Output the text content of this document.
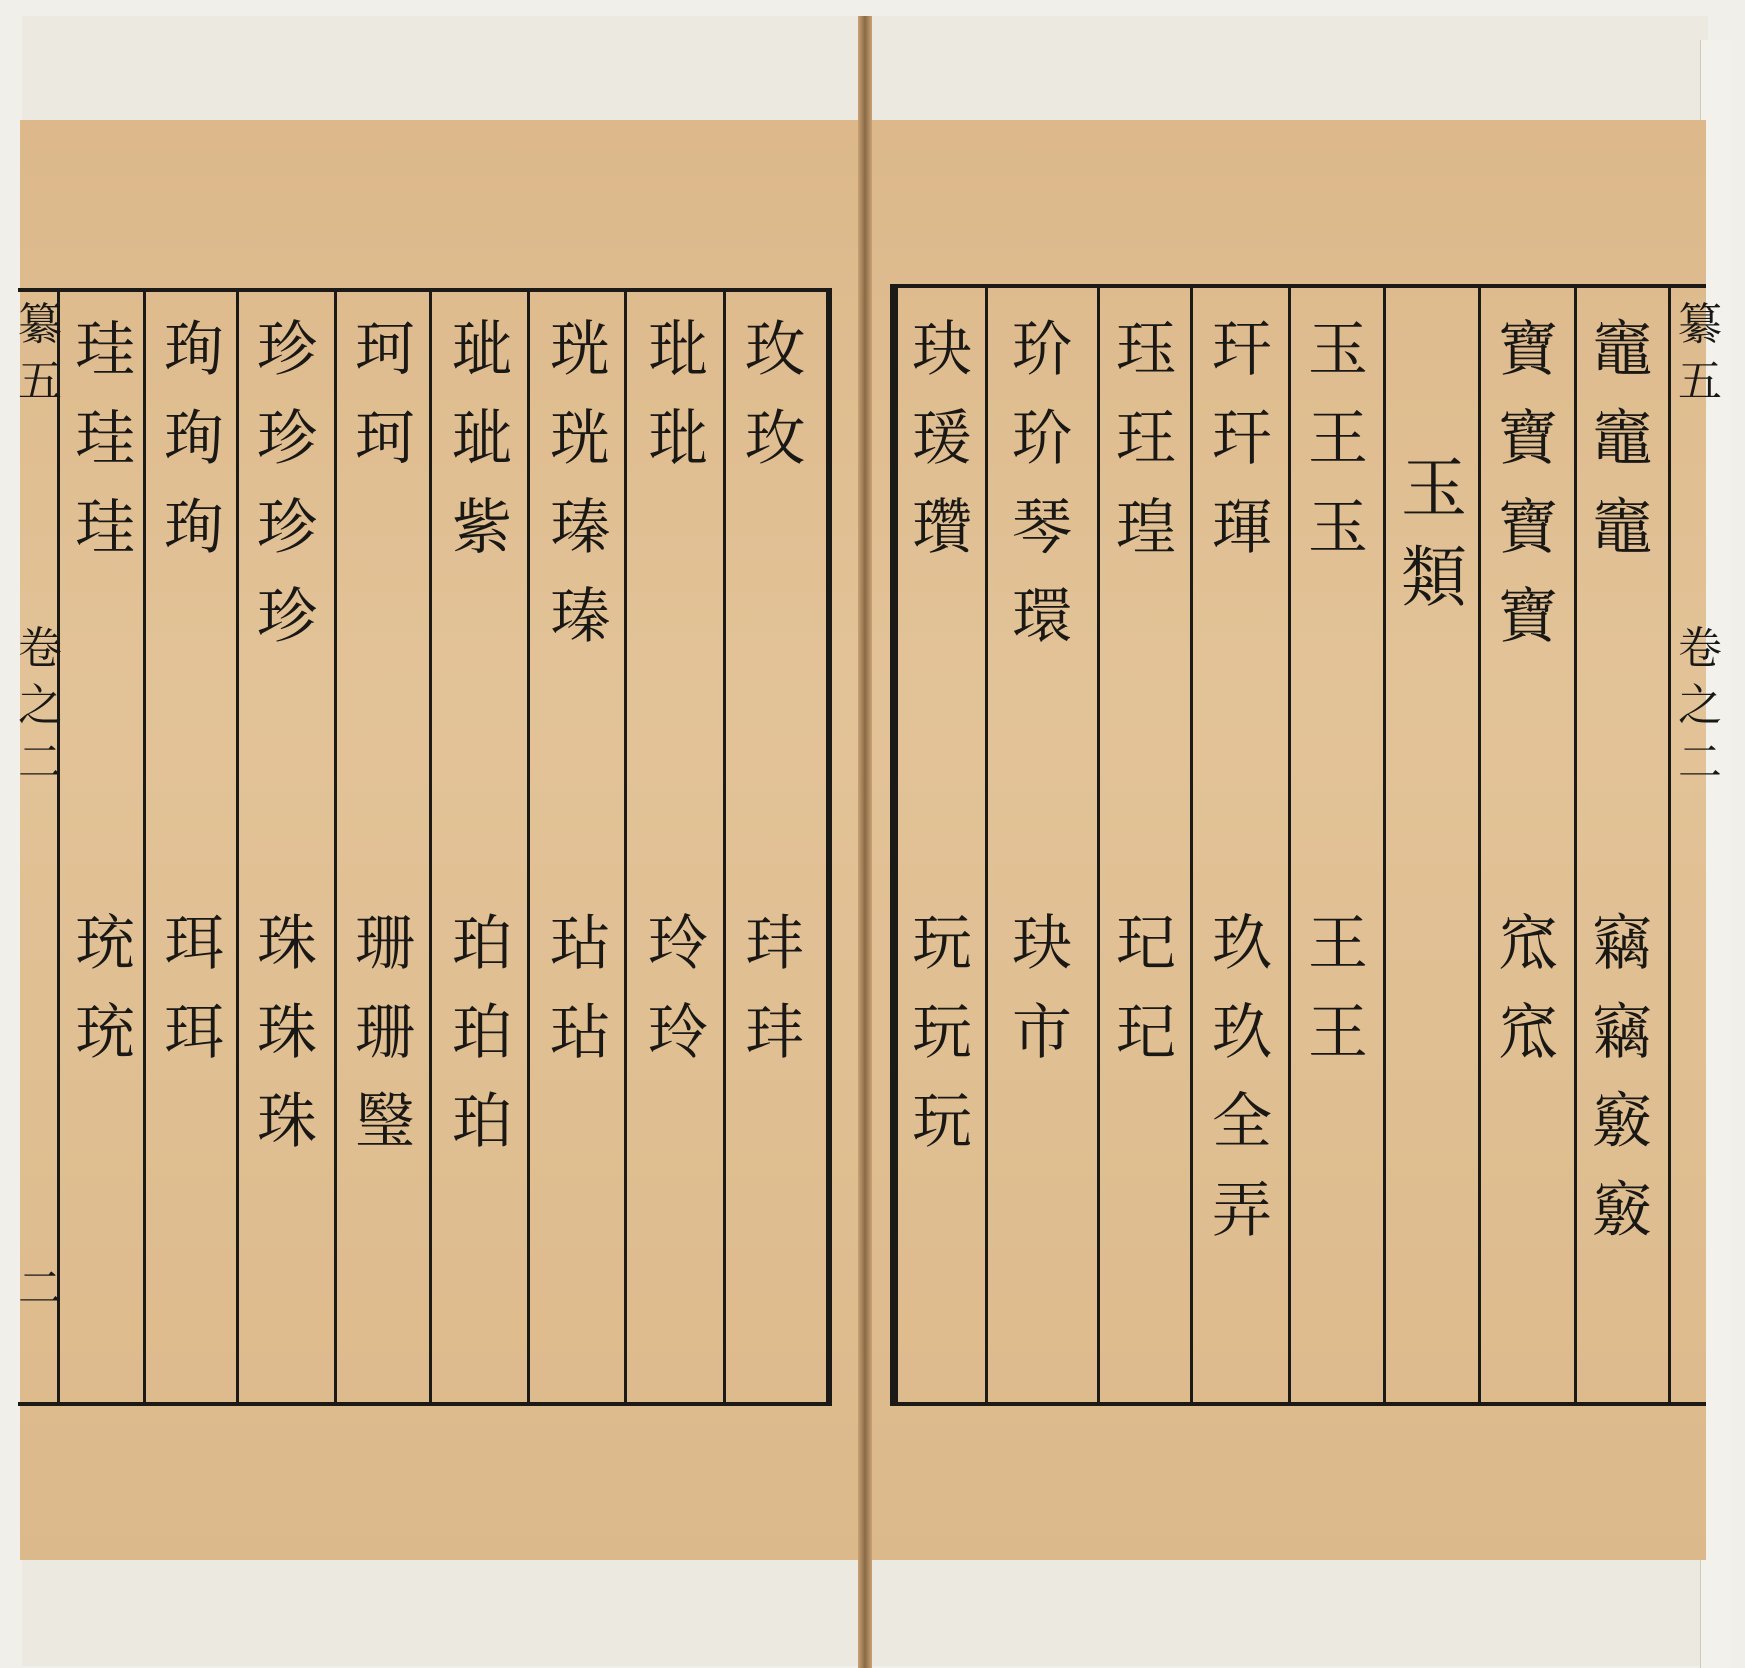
纂
五
卷
之
二
二
玫
玫
玤
玤
玭
玭
玲
玲
珖
珖
瑧
瑧
玷
玷
玼
玼
紫
珀
珀
珀
珂
珂
珊
珊
瑿
珍
珍
珍
珍
珠
珠
珠
珣
珣
珣
珥
珥
珪
珪
珪
珫
珫
纂
五
卷
之
二
竈
竈
竈
竊
竊
竅
竅
寶
寶
寶
寶
窊
窊
玉
類
玉
王
玉
王
王
玕
玕
琿
玖
玖
全
弄
珏
玨
瑝
玘
玘
玠
玠
琴
環
玦
市
玦
瑗
瓚
玩
玩
玩
